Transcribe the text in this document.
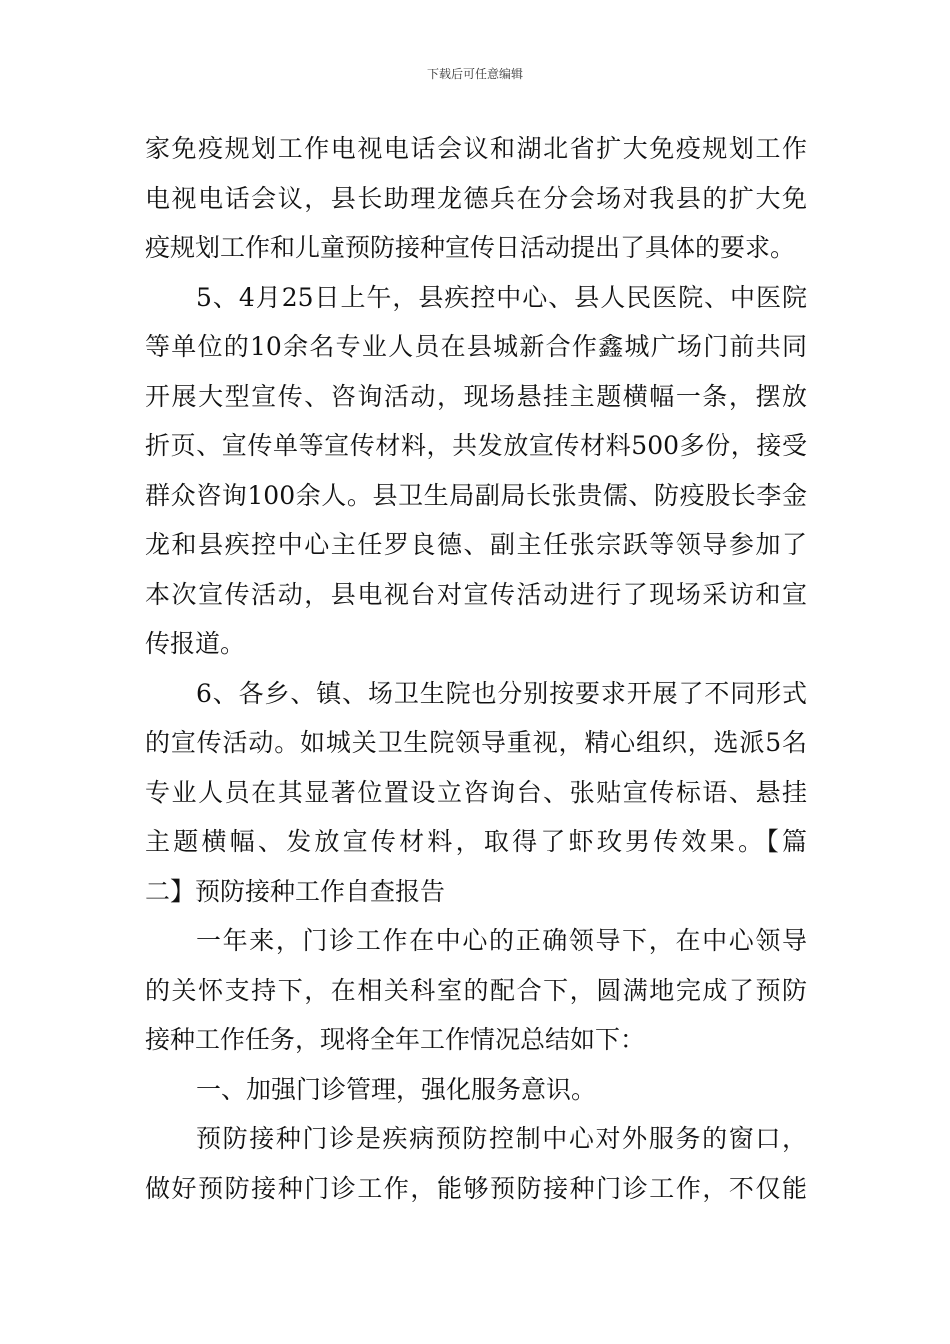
下载后可任意编辑
家免疫规划工作电视电话会议和湖北省扩大免疫规划工作
电视电话会议，县长助理龙德兵在分会场对我县的扩大免
疫规划工作和儿童预防接种宣传日活动提出了具体的要求。
5、4月25日上午，县疾控中心、县人民医院、中医院
等单位的10余名专业人员在县城新合作鑫城广场门前共同
开展大型宣传、咨询活动，现场悬挂主题横幅一条，摆放
折页、宣传单等宣传材料，共发放宣传材料500多份，接受
群众咨询100余人。县卫生局副局长张贵儒、防疫股长李金
龙和县疾控中心主任罗良德、副主任张宗跃等领导参加了
本次宣传活动，县电视台对宣传活动进行了现场采访和宣
传报道。
6、各乡、镇、场卫生院也分别按要求开展了不同形式
的宣传活动。如城关卫生院领导重视，精心组织，选派5名
专业人员在其显著位置设立咨询台、张贴宣传标语、悬挂
主题横幅、发放宣传材料，取得了虾玫男传效果。【篇
二】预防接种工作自查报告
一年来，门诊工作在中心的正确领导下，在中心领导
的关怀支持下，在相关科室的配合下，圆满地完成了预防
接种工作任务，现将全年工作情况总结如下：
一、加强门诊管理，强化服务意识。
预防接种门诊是疾病预防控制中心对外服务的窗口，
做好预防接种门诊工作，能够预防接种门诊工作，不仅能
